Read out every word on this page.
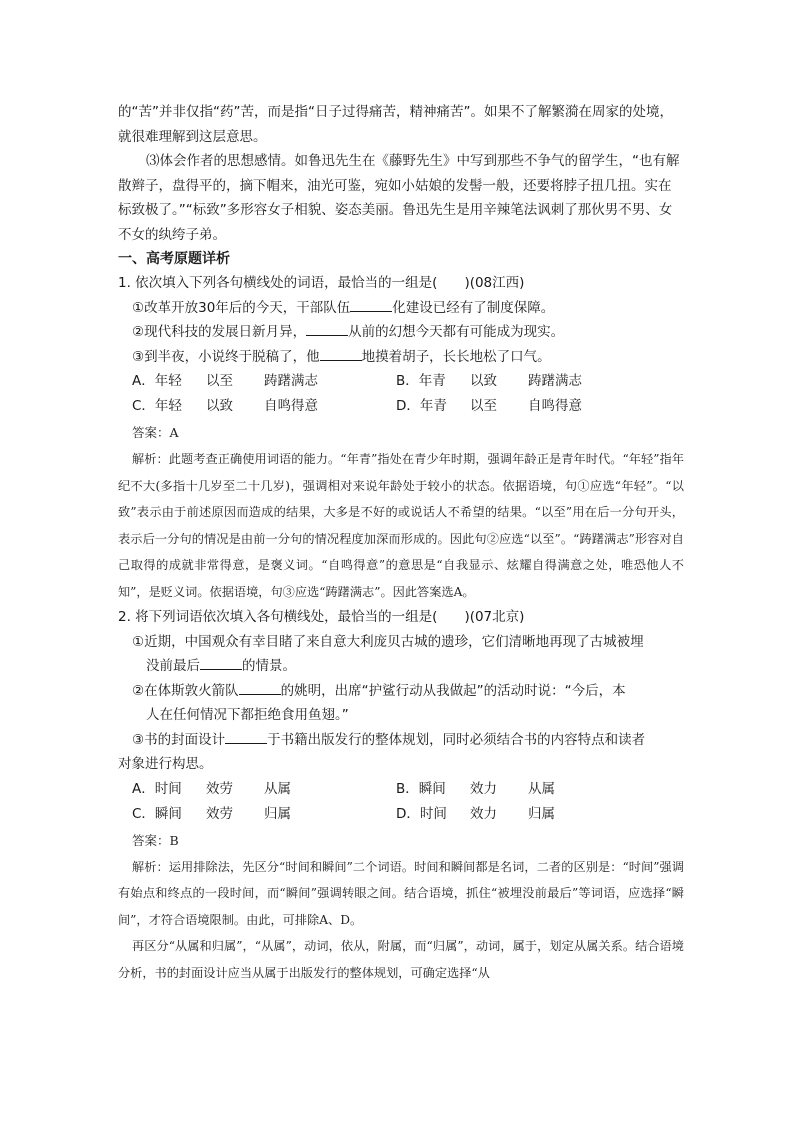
的“苦”并非仅指“药”苦，而是指“日子过得痛苦，精神痛苦”。如果不了解繁漪在周家的处境，就很难理解到这层意思。

⑶体会作者的思想感情。如鲁迅先生在《藤野先生》中写到那些不争气的留学生，“也有解散辫子，盘得平的，摘下帽来，油光可鉴，宛如小姑娘的发髻一般，还要将脖子扭几扭。实在标致极了。”“标致”多形容女子相貌、姿态美丽。鲁迅先生是用辛辣笔法讽刺了那伙男不男、女不女的纨绔子弟。

一、高考原题详析

1. 依次填入下列各句横线处的词语，最恰当的一组是(　　)(08江西)

①改革开放30年后的今天，干部队伍	化建设已经有了制度保障。

②现代科技的发展日新月异，	从前的幻想今天都有可能成为现实。

③到半夜，小说终于脱稿了，他	地摸着胡子，长长地松了口气。

A．年轻	以至	踌躇满志	B．年青	以致	踌躇满志
C．年轻	以致	自鸣得意	D．年青	以至	自鸣得意

答案：A

解析：此题考查正确使用词语的能力。“年青”指处在青少年时期，强调年龄正是青年时代。“年轻”指年纪不大(多指十几岁至二十几岁)，强调相对来说年龄处于较小的状态。依据语境，句①应选“年轻”。“以致”表示由于前述原因而造成的结果，大多是不好的或说话人不希望的结果。“以至”用在后一分句开头，表示后一分句的情况是由前一分句的情况程度加深而形成的。因此句②应选“以至”。“踌躇满志”形容对自己取得的成就非常得意，是褒义词。“自鸣得意”的意思是“自我显示、炫耀自得满意之处，唯恐他人不知”，是贬义词。依据语境，句③应选“踌躇满志”。因此答案选A。

2. 将下列词语依次填入各句横线处，最恰当的一组是(　　)(07北京)

①近期，中国观众有幸目睹了来自意大利庞贝古城的遗珍，它们清晰地再现了古城被埋
没前最后	的情景。

②在体斯敦火箭队	的姚明，出席“护鲨行动从我做起”的活动时说：“今后，本
人在任何情况下都拒绝食用鱼翅。”

③书的封面设计	于书籍出版发行的整体规划，同时必须结合书的内容特点和读者

对象进行构思。

A．时间	效劳	从属	B．瞬间	效力	从属
C．瞬间	效劳	归属	D．时间	效力	归属

答案：B

解析：运用排除法，先区分“时间和瞬间”二个词语。时间和瞬间都是名词，二者的区别是：“时间”强调有始点和终点的一段时间，而“瞬间”强调转眼之间。结合语境，抓住“被埋没前最后”等词语，应选择“瞬间”，才符合语境限制。由此，可排除A、D。

再区分“从属和归属”，“从属”，动词，依从，附属，而“归属”，动词，属于，划定从属关系。结合语境分析，书的封面设计应当从属于出版发行的整体规划，可确定选择“从
